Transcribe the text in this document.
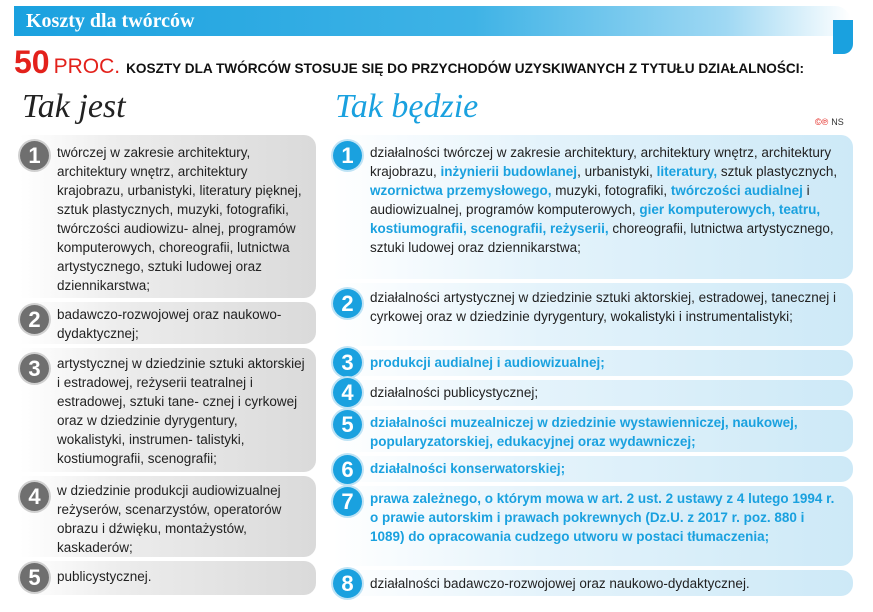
Koszty dla twórców
50 PROC. KOSZTY DLA TWÓRCÓW STOSUJE SIĘ DO PRZYCHODÓW UZYSKIWANYCH Z TYTUŁU DZIAŁALNOŚCI:
Tak jest	Tak będzie	©℗ NS
1	twórczej w zakresie architektury, architektury wnętrz, architektury krajobrazu, urbanistyki, literatury pięknej, sztuk plastycznych, muzyki, fotografiki, twórczości audiowizu- alnej, programów komputerowych, choreografii, lutnictwa artystycznego, sztuki ludowej oraz dziennikarstwa;
2	badawczo-rozwojowej oraz naukowo-dydaktycznej;
3	artystycznej w dziedzinie sztuki aktorskiej i estradowej, reżyserii teatralnej i estradowej, sztuki tane- cznej i cyrkowej oraz w dziedzinie dyrygentury, wokalistyki, instrumen- talistyki, kostiumografii, scenografii;
4	w dziedzinie produkcji audiowizualnej reżyserów, scenarzystów, operatorów obrazu i dźwięku, montażystów, kaskaderów;
5	publicystycznej.
1	działalności twórczej w zakresie architektury, architektury wnętrz, architektury krajobrazu, inżynierii budowlanej, urbanistyki, literatury, sztuk plastycznych, wzornictwa przemysłowego, muzyki, fotografiki, twórczości audialnej i audiowizualnej, programów komputerowych, gier komputerowych, teatru, kostiumografii, scenografii, reżyserii, choreografii, lutnictwa artystycznego, sztuki ludowej oraz dziennikarstwa;
2	działalności artystycznej w dziedzinie sztuki aktorskiej, estradowej, tanecznej i cyrkowej oraz w dziedzinie dyrygentury, wokalistyki i instrumentalistyki;
3	produkcji audialnej i audiowizualnej;
4	działalności publicystycznej;
5	działalności muzealniczej w dziedzinie wystawienniczej, naukowej, popularyzatorskiej, edukacyjnej oraz wydawniczej;
6	działalności konserwatorskiej;
7	prawa zależnego, o którym mowa w art. 2 ust. 2 ustawy z 4 lutego 1994 r. o prawie autorskim i prawach pokrewnych (Dz.U. z 2017 r. poz. 880 i 1089) do opracowania cudzego utworu w postaci tłumaczenia;
8	działalności badawczo-rozwojowej oraz naukowo-dydaktycznej.
